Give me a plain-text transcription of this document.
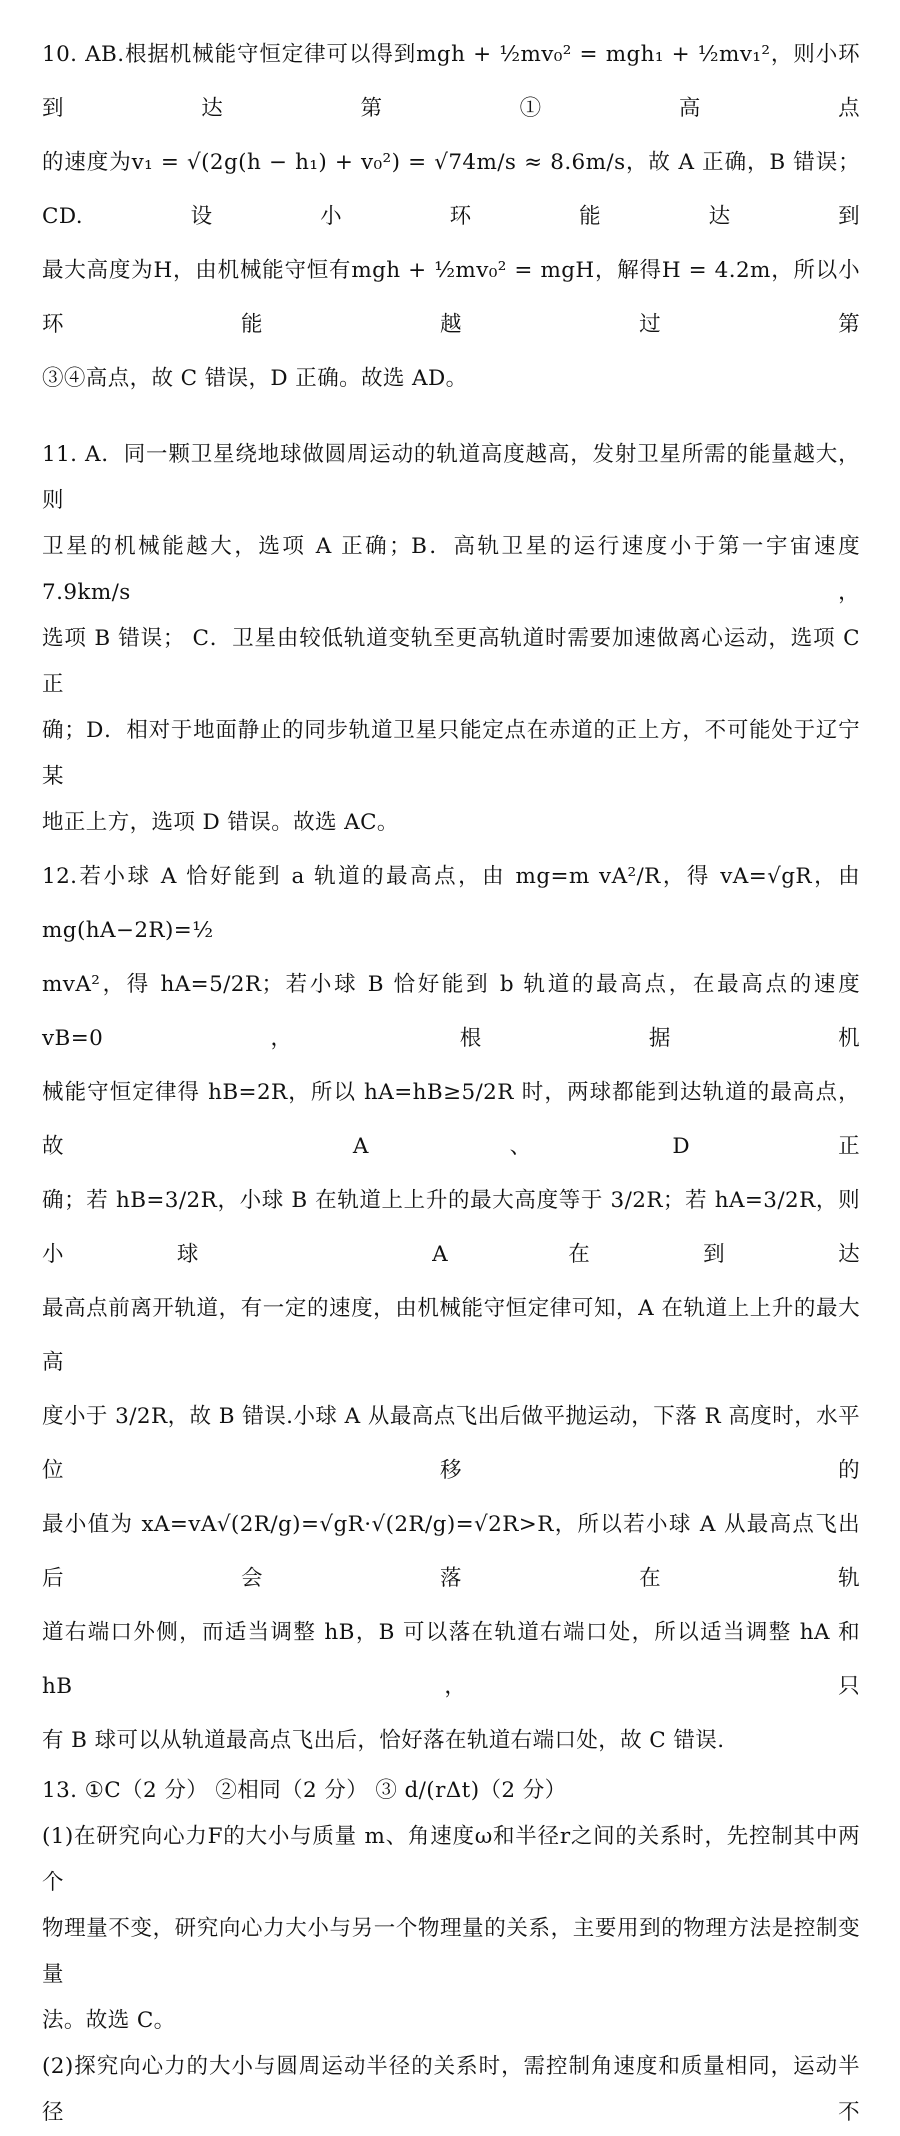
10. AB.根据机械能守恒定律可以得到mgh + ½mv₀² = mgh₁ + ½mv₁²，则小环到达第①高点
的速度为v₁ = √(2g(h − h₁) + v₀²) = √74m/s ≈ 8.6m/s，故 A 正确，B 错误；CD.设小环能达到
最大高度为H，由机械能守恒有mgh + ½mv₀² = mgH，解得H = 4.2m，所以小环能越过第
③④高点，故 C 错误，D 正确。故选 AD。
11. A．同一颗卫星绕地球做圆周运动的轨道高度越高，发射卫星所需的能量越大，则
卫星的机械能越大，选项 A 正确；B．高轨卫星的运行速度小于第一宇宙速度 7.9km/s，
选项 B 错误； C．卫星由较低轨道变轨至更高轨道时需要加速做离心运动，选项 C 正
确；D．相对于地面静止的同步轨道卫星只能定点在赤道的正上方，不可能处于辽宁某
地正上方，选项 D 错误。故选 AC。
12.若小球 A 恰好能到 a 轨道的最高点，由 mg=m vA²/R，得 vA=√gR，由 mg(hA−2R)=½
mvA²，得 hA=5/2R；若小球 B 恰好能到 b 轨道的最高点，在最高点的速度 vB=0，根据机
械能守恒定律得 hB=2R，所以 hA=hB≥5/2R 时，两球都能到达轨道的最高点，故 A、D 正
确；若 hB=3/2R，小球 B 在轨道上上升的最大高度等于 3/2R；若 hA=3/2R，则小球 A 在到达
最高点前离开轨道，有一定的速度，由机械能守恒定律可知，A 在轨道上上升的最大高
度小于 3/2R，故 B 错误.小球 A 从最高点飞出后做平抛运动，下落 R 高度时，水平位移的
最小值为 xA=vA√(2R/g)=√gR·√(2R/g)=√2R>R，所以若小球 A 从最高点飞出后会落在轨
道右端口外侧，而适当调整 hB，B 可以落在轨道右端口处，所以适当调整 hA 和 hB，只
有 B 球可以从轨道最高点飞出后，恰好落在轨道右端口处，故 C 错误.
13. ①C（2 分） ②相同（2 分） ③ d/(rΔt)（2 分）
(1)在研究向心力F的大小与质量 m、角速度ω和半径r之间的关系时，先控制其中两个
物理量不变，研究向心力大小与另一个物理量的关系，主要用到的物理方法是控制变量
法。故选 C。
(2)探究向心力的大小与圆周运动半径的关系时，需控制角速度和质量相同，运动半径不
